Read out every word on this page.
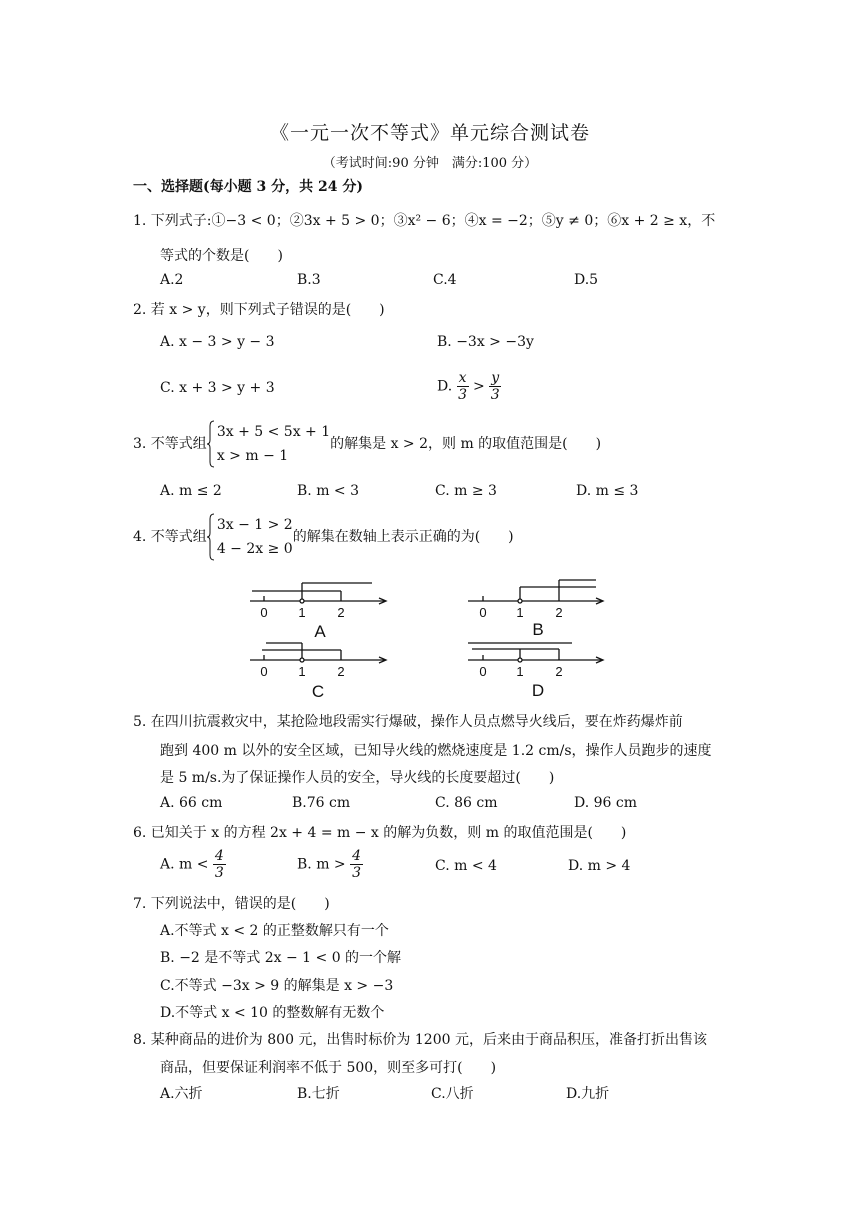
《一元一次不等式》单元综合测试卷
（考试时间:90 分钟　满分:100 分）
一、选择题(每小题 3 分，共 24 分)
1. 下列式子:①−3 < 0；②3x + 5 > 0；③x² − 6；④x = −2；⑤y ≠ 0；⑥x + 2 ≥ x，不
等式的个数是(　　)
A.2	B.3	C.4	D.5
2. 若 x > y，则下列式子错误的是(　　)
A. x − 3 > y − 3	B. −3x > −3y
C. x + 3 > y + 3	D. $\frac{x}{3} > \frac{y}{3}$
3. 不等式组
3x + 5 < 5x + 1
x > m − 1
的解集是 x > 2，则 m 的取值范围是(　　)
A. m ≤ 2	B. m < 3	C. m ≥ 3	D. m ≤ 3
4. 不等式组
3x − 1 > 2
4 − 2x ≥ 0
的解集在数轴上表示正确的为(　　)
0 1 2	0 1 2
0 1 2	0 1 2
A	B
C	D
5. 在四川抗震救灾中，某抢险地段需实行爆破，操作人员点燃导火线后，要在炸药爆炸前
跑到 400 m 以外的安全区域，已知导火线的燃烧速度是 1.2 cm/s，操作人员跑步的速度
是 5 m/s.为了保证操作人员的安全，导火线的长度要超过(　　)
A. 66 cm	B.76 cm	C. 86 cm	D. 96 cm
6. 已知关于 x 的方程 2x + 4 = m − x 的解为负数，则 m 的取值范围是(　　)
A. $m < \frac{4}{3}$	B. $m > \frac{4}{3}$	C. m < 4	D. m > 4
7. 下列说法中，错误的是(　　)
A.不等式 x < 2 的正整数解只有一个
B. −2 是不等式 2x − 1 < 0 的一个解
C.不等式 −3x > 9 的解集是 x > −3
D.不等式 x < 10 的整数解有无数个
8. 某种商品的进价为 800 元，出售时标价为 1200 元，后来由于商品积压，准备打折出售该
商品，但要保证利润率不低于 500，则至多可打(　　)
A.六折	B.七折	C.八折	D.九折
